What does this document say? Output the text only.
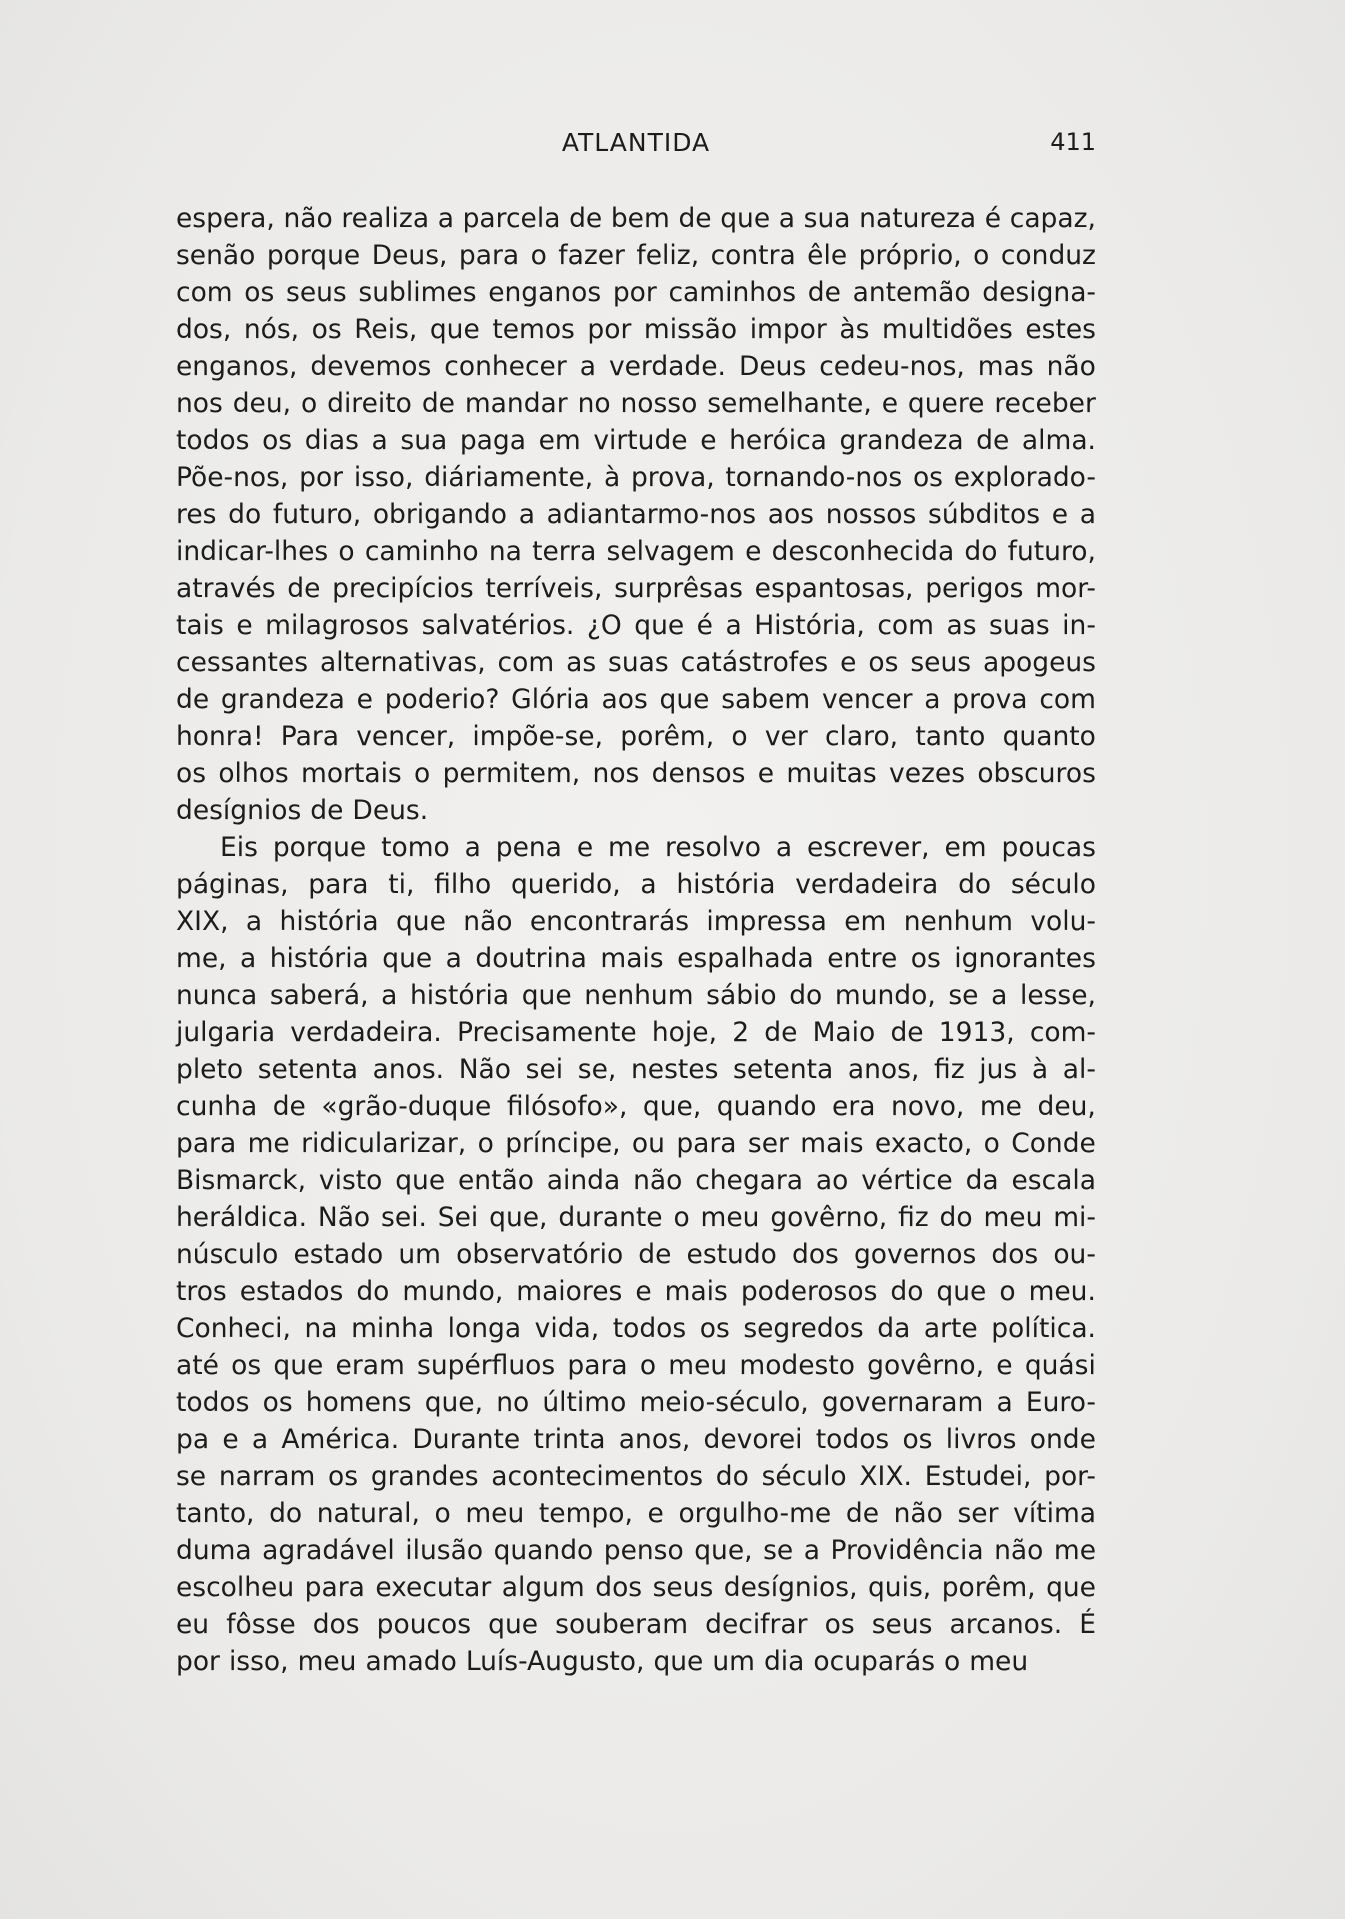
ATLANTIDA	411
espera, não realiza a parcela de bem de que a sua natureza é capaz,
senão porque Deus, para o fazer feliz, contra êle próprio, o conduz
com os seus sublimes enganos por caminhos de antemão designa-
dos, nós, os Reis, que temos por missão impor às multidões estes
enganos, devemos conhecer a verdade. Deus cedeu-nos, mas não
nos deu, o direito de mandar no nosso semelhante, e quere receber
todos os dias a sua paga em virtude e heróica grandeza de alma.
Põe-nos, por isso, diáriamente, à prova, tornando-nos os explorado-
res do futuro, obrigando a adiantarmo-nos aos nossos súbditos e a
indicar-lhes o caminho na terra selvagem e desconhecida do futuro,
através de precipícios terríveis, surprêsas espantosas, perigos mor-
tais e milagrosos salvatérios. ¿O que é a História, com as suas in-
cessantes alternativas, com as suas catástrofes e os seus apogeus
de grandeza e poderio? Glória aos que sabem vencer a prova com
honra! Para vencer, impõe-se, porêm, o ver claro, tanto quanto
os olhos mortais o permitem, nos densos e muitas vezes obscuros
desígnios de Deus.
Eis porque tomo a pena e me resolvo a escrever, em poucas
páginas, para ti, filho querido, a história verdadeira do século
XIX, a história que não encontrarás impressa em nenhum volu-
me, a história que a doutrina mais espalhada entre os ignorantes
nunca saberá, a história que nenhum sábio do mundo, se a lesse,
julgaria verdadeira. Precisamente hoje, 2 de Maio de 1913, com-
pleto setenta anos. Não sei se, nestes setenta anos, fiz jus à al-
cunha de «grão-duque filósofo», que, quando era novo, me deu,
para me ridicularizar, o príncipe, ou para ser mais exacto, o Conde
Bismarck, visto que então ainda não chegara ao vértice da escala
heráldica. Não sei. Sei que, durante o meu govêrno, fiz do meu mi-
núsculo estado um observatório de estudo dos governos dos ou-
tros estados do mundo, maiores e mais poderosos do que o meu.
Conheci, na minha longa vida, todos os segredos da arte política.
até os que eram supérfluos para o meu modesto govêrno, e quási
todos os homens que, no último meio-século, governaram a Euro-
pa e a América. Durante trinta anos, devorei todos os livros onde
se narram os grandes acontecimentos do século XIX. Estudei, por-
tanto, do natural, o meu tempo, e orgulho-me de não ser vítima
duma agradável ilusão quando penso que, se a Providência não me
escolheu para executar algum dos seus desígnios, quis, porêm, que
eu fôsse dos poucos que souberam decifrar os seus arcanos. É
por isso, meu amado Luís-Augusto, que um dia ocuparás o meu
